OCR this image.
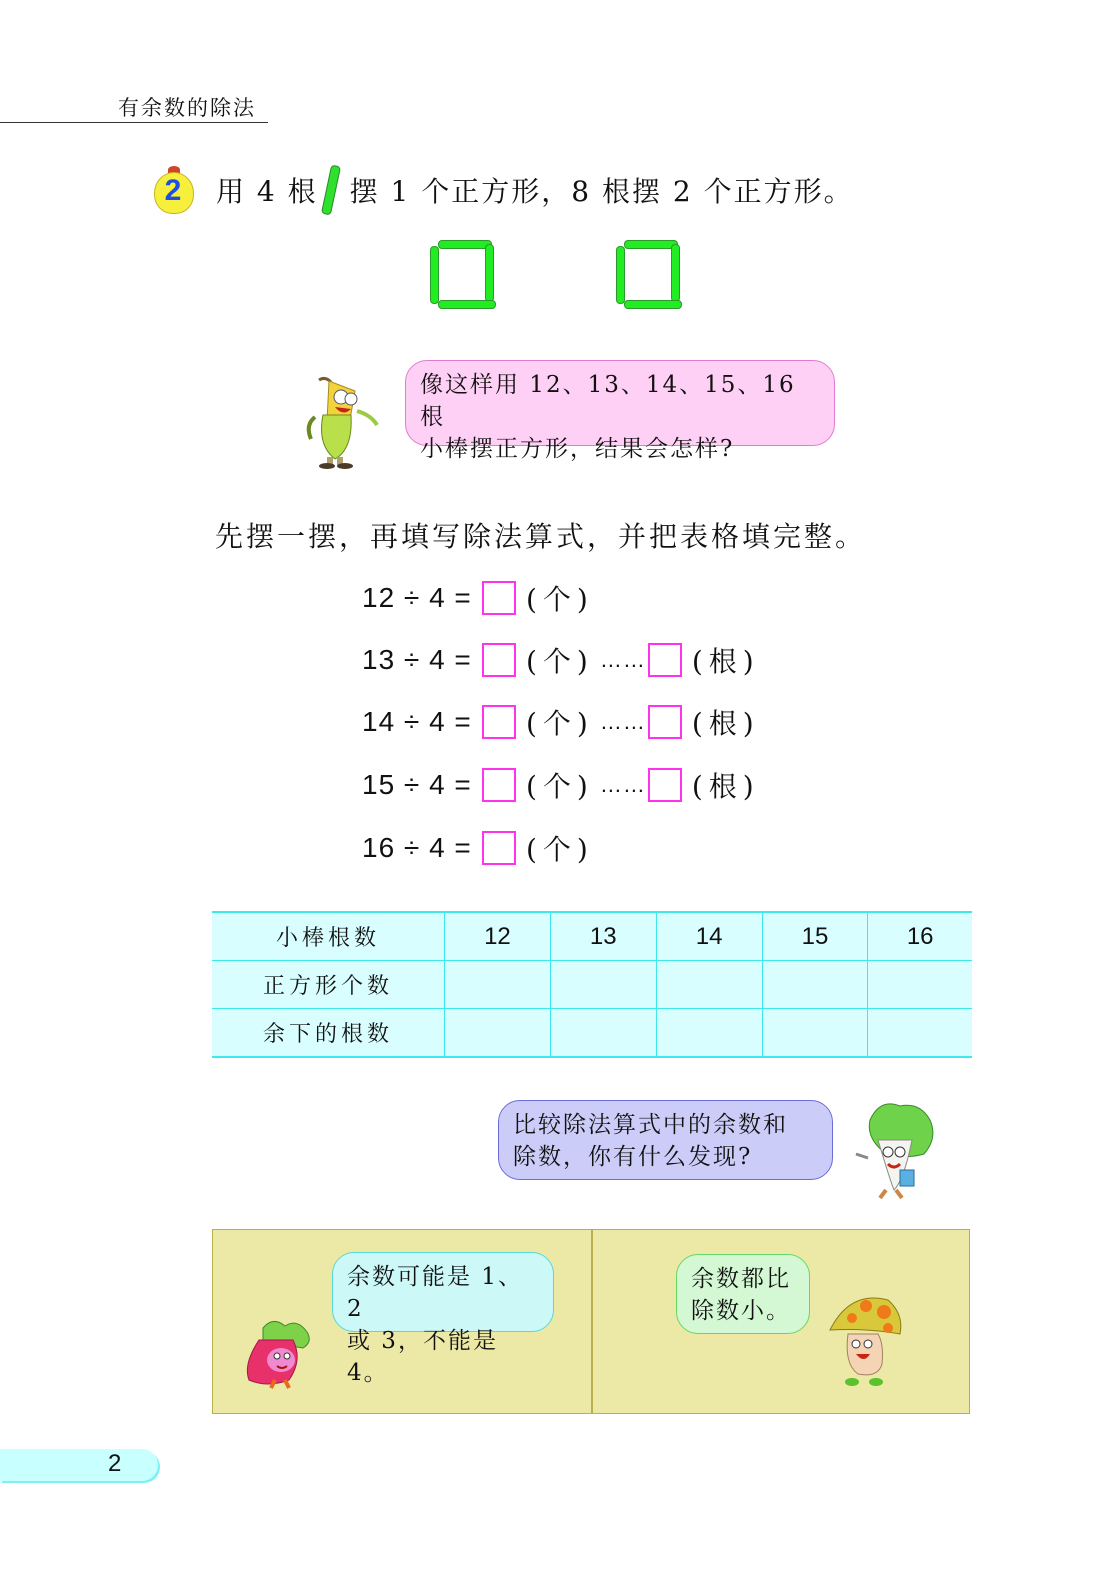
有余数的除法
2	用 4 根 摆 1 个正方形，8 根摆 2 个正方形。
像这样用 12、13、14、15、16 根
小棒摆正方形，结果会怎样?
先摆一摆，再填写除法算式，并把表格填完整。
12 ÷ 4 =	(个)
13 ÷ 4 =	(个) …… (根)
14 ÷ 4 =	(个) …… (根)
15 ÷ 4 =	(个) …… (根)
16 ÷ 4 =	(个)
小棒根数	12	13	14	15	16
正方形个数					
余下的根数					
比较除法算式中的余数和
除数，你有什么发现?
余数可能是 1、2
或 3，不能是 4。
余数都比
除数小。
2
